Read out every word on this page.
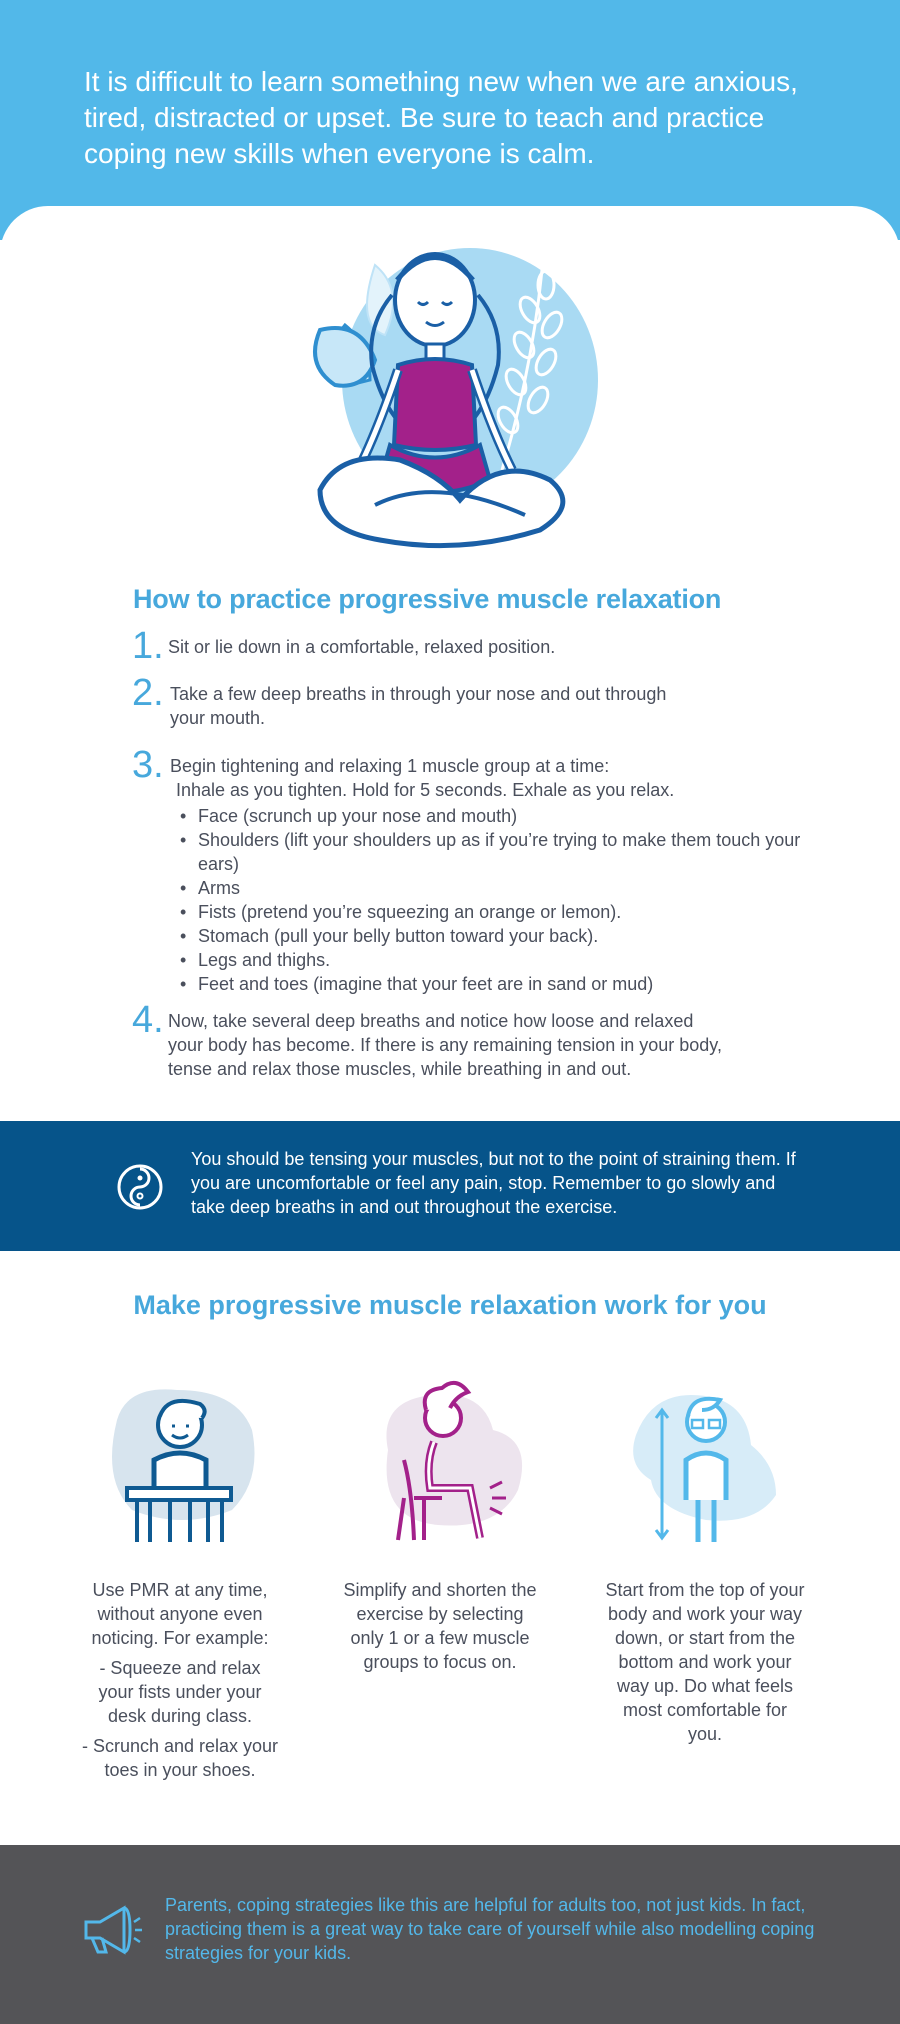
It is difficult to learn something new when we are anxious, tired, distracted or upset. Be sure to teach and practice coping new skills when everyone is calm.

How to practice progressive muscle relaxation
1. Sit or lie down in a comfortable, relaxed position.
2. Take a few deep breaths in through your nose and out through
your mouth.
3. Begin tightening and relaxing 1 muscle group at a time:
Inhale as you tighten. Hold for 5 seconds. Exhale as you relax.
• Face (scrunch up your nose and mouth)
• Shoulders (lift your shoulders up as if you’re trying to make them touch your ears)
• Arms
• Fists (pretend you’re squeezing an orange or lemon).
• Stomach (pull your belly button toward your back).
• Legs and thighs.
• Feet and toes (imagine that your feet are in sand or mud)
4. Now, take several deep breaths and notice how loose and relaxed
your body has become. If there is any remaining tension in your body,
tense and relax those muscles, while breathing in and out.

You should be tensing your muscles, but not to the point of straining them. If you are uncomfortable or feel any pain, stop. Remember to go slowly and take deep breaths in and out throughout the exercise.

Make progressive muscle relaxation work for you
Use PMR at any time, without anyone even noticing. For example:
- Squeeze and relax your fists under your desk during class.
- Scrunch and relax your toes in your shoes.
Simplify and shorten the exercise by selecting only 1 or a few muscle groups to focus on.
Start from the top of your body and work your way down, or start from the bottom and work your way up. Do what feels most comfortable for you.

Parents, coping strategies like this are helpful for adults too, not just kids. In fact, practicing them is a great way to take care of yourself while also modelling coping strategies for your kids.
